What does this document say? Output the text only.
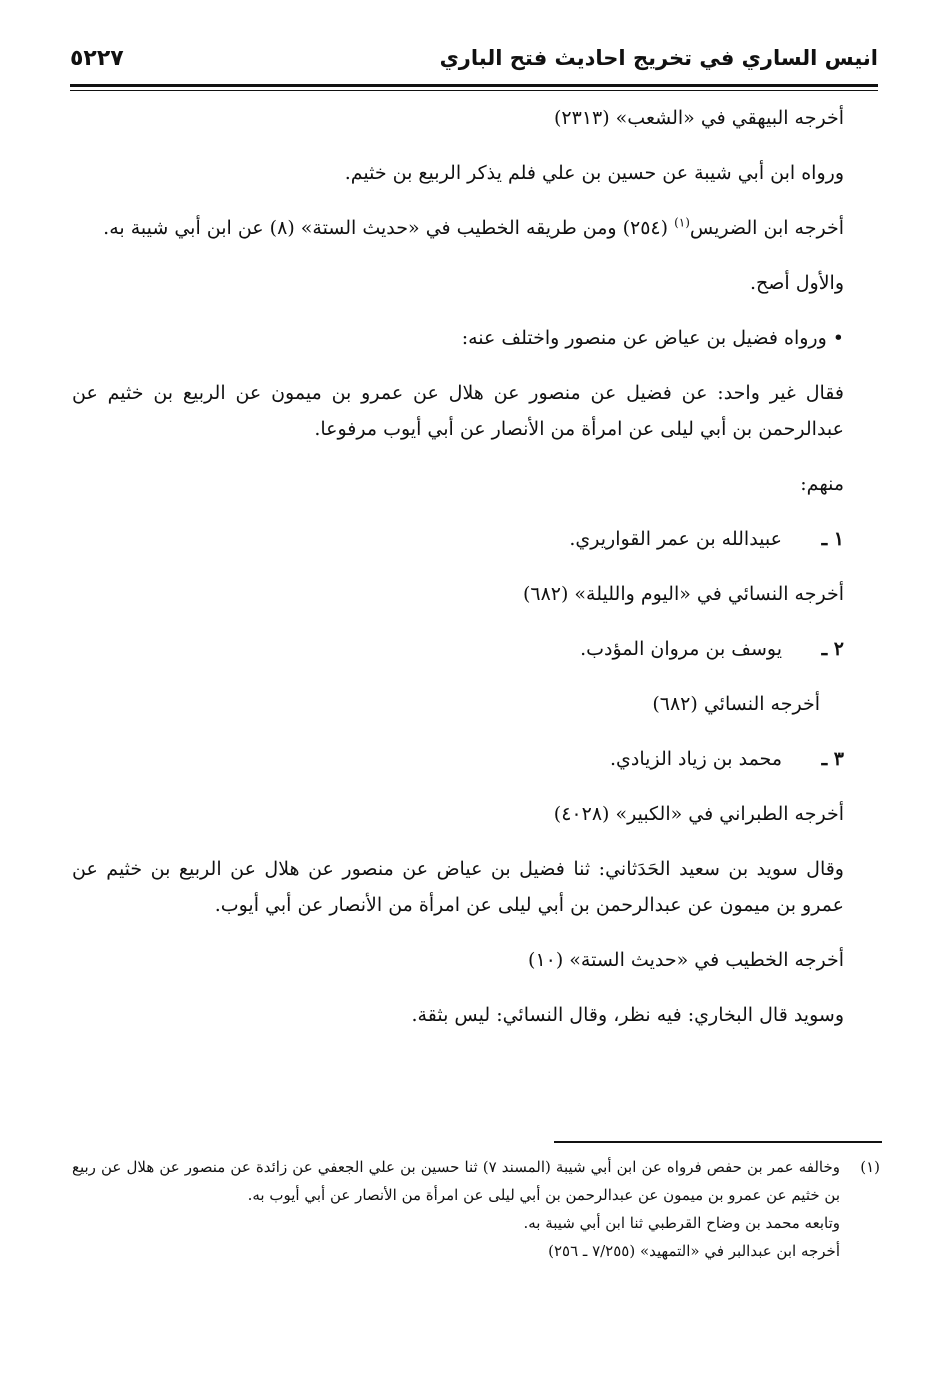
انيس الساري في تخريج احاديث فتح الباري
٥٢٢٧

أخرجه البيهقي في «الشعب» (٢٣١٣)

ورواه ابن أبي شيبة عن حسين بن علي فلم يذكر الربيع بن خثيم.

أخرجه ابن الضريس$^{(١)}$ (٢٥٤) ومن طريقه الخطيب في «حديث الستة» (٨) عن ابن أبي شيبة به.

والأول أصح.

• ورواه فضيل بن عياض عن منصور واختلف عنه:

فقال غير واحد: عن فضيل عن منصور عن هلال عن عمرو بن ميمون عن الربيع بن خثيم عن عبدالرحمن بن أبي ليلى عن امرأة من الأنصار عن أبي أيوب مرفوعا.

منهم:

١ ـعبيدالله بن عمر القواريري.

أخرجه النسائي في «اليوم والليلة» (٦٨٢)

٢ ـيوسف بن مروان المؤدب.

أخرجه النسائي (٦٨٢)

٣ ـمحمد بن زياد الزيادي.

أخرجه الطبراني في «الكبير» (٤٠٢٨)

وقال سويد بن سعيد الحَدَثاني: ثنا فضيل بن عياض عن منصور عن هلال عن الربيع بن خثيم عن عمرو بن ميمون عن عبدالرحمن بن أبي ليلى عن امرأة من الأنصار عن أبي أيوب.

أخرجه الخطيب في «حديث الستة» (١٠)

وسويد قال البخاري: فيه نظر، وقال النسائي: ليس بثقة.

(١)
وخالفه عمر بن حفص فرواه عن ابن أبي شيبة (المسند ٧) ثنا حسين بن علي الجعفي عن زائدة عن منصور عن هلال عن ربيع بن خثيم عن عمرو بن ميمون عن عبدالرحمن بن أبي ليلى عن امرأة من الأنصار عن أبي أيوب به.
وتابعه محمد بن وضاح القرطبي ثنا ابن أبي شيبة به.
أخرجه ابن عبدالبر في «التمهيد» (٧/٢٥٥ ـ ٢٥٦)
